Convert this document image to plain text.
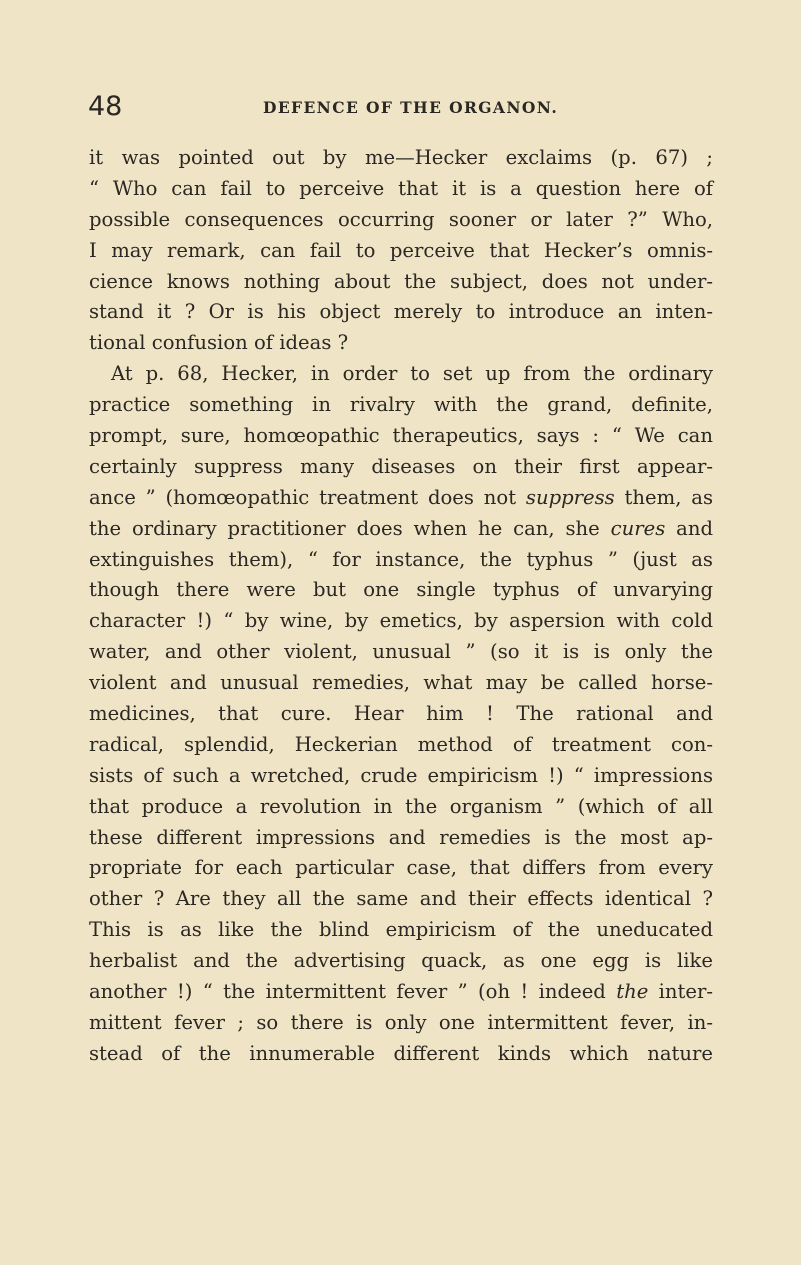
48	DEFENCE OF THE ORGANON.
it was pointed out by me—Hecker exclaims (p. 67) ;
“ Who can fail to perceive that it is a question here of
possible consequences occurring sooner or later ?” Who,
I may remark, can fail to perceive that Hecker’s omnis-
cience knows nothing about the subject, does not under-
stand it ? Or is his object merely to introduce an inten-
tional confusion of ideas ?
At p. 68, Hecker, in order to set up from the ordinary
practice something in rivalry with the grand, definite,
prompt, sure, homœopathic therapeutics, says : “ We can
certainly suppress many diseases on their first appear-
ance ” (homœopathic treatment does not suppress them, as
the ordinary practitioner does when he can, she cures and
extinguishes them), “ for instance, the typhus ” (just as
though there were but one single typhus of unvarying
character !) “ by wine, by emetics, by aspersion with cold
water, and other violent, unusual ” (so it is is only the
violent and unusual remedies, what may be called horse-
medicines, that cure. Hear him ! The rational and
radical, splendid, Heckerian method of treatment con-
sists of such a wretched, crude empiricism !) “ impressions
that produce a revolution in the organism ” (which of all
these different impressions and remedies is the most ap-
propriate for each particular case, that differs from every
other ? Are they all the same and their effects identical ?
This is as like the blind empiricism of the uneducated
herbalist and the advertising quack, as one egg is like
another !) “ the intermittent fever ” (oh ! indeed the inter-
mittent fever ; so there is only one intermittent fever, in-
stead of the innumerable different kinds which nature
